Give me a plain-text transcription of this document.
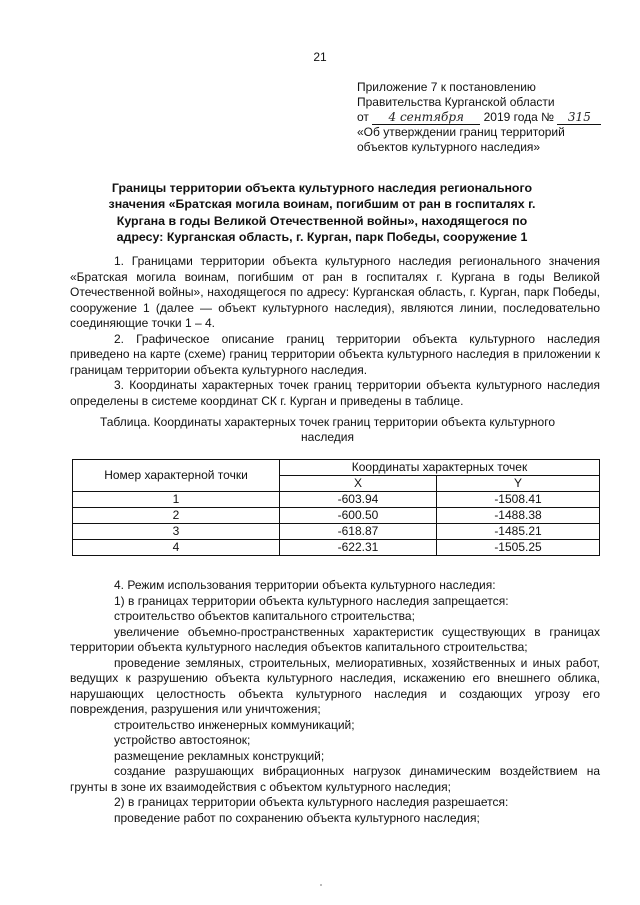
21
Приложение 7 к постановлению
Правительства Курганской области
от 4 сентября 2019 года № 315
«Об утверждении границ территорий
объектов культурного наследия»
Границы территории объекта культурного наследия регионального значения «Братская могила воинам, погибшим от ран в госпиталях г. Кургана в годы Великой Отечественной войны», находящегося по адресу: Курганская область, г. Курган, парк Победы, сооружение 1

1. Границами территории объекта культурного наследия регионального значения «Братская могила воинам, погибшим от ран в госпиталях г. Кургана в годы Великой Отечественной войны», находящегося по адресу: Курганская область, г. Курган, парк Победы, сооружение 1 (далее — объект культурного наследия), являются линии, последовательно соединяющие точки 1 – 4.

2. Графическое описание границ территории объекта культурного наследия приведено на карте (схеме) границ территории объекта культурного наследия в приложении к границам территории объекта культурного наследия.

3. Координаты характерных точек границ территории объекта культурного наследия определены в системе координат СК г. Курган и приведены в таблице.

Таблица. Координаты характерных точек границ территории объекта культурного наследия
Номер характерной точки	Координаты характерных точек	
	X	Y
1	-603.94	-1508.41
2	-600.50	-1488.38
3	-618.87	-1485.21
4	-622.31	-1505.25

4. Режим использования территории объекта культурного наследия:

1) в границах территории объекта культурного наследия запрещается:

строительство объектов капитального строительства;

увеличение объемно-пространственных характеристик существующих в границах территории объекта культурного наследия объектов капитального строительства;

проведение земляных, строительных, мелиоративных, хозяйственных и иных работ, ведущих к разрушению объекта культурного наследия, искажению его внешнего облика, нарушающих целостность объекта культурного наследия и создающих угрозу его повреждения, разрушения или уничтожения;

строительство инженерных коммуникаций;

устройство автостоянок;

размещение рекламных конструкций;

создание разрушающих вибрационных нагрузок динамическим воздействием на грунты в зоне их взаимодействия с объектом культурного наследия;

2) в границах территории объекта культурного наследия разрешается:

проведение работ по сохранению объекта культурного наследия;
